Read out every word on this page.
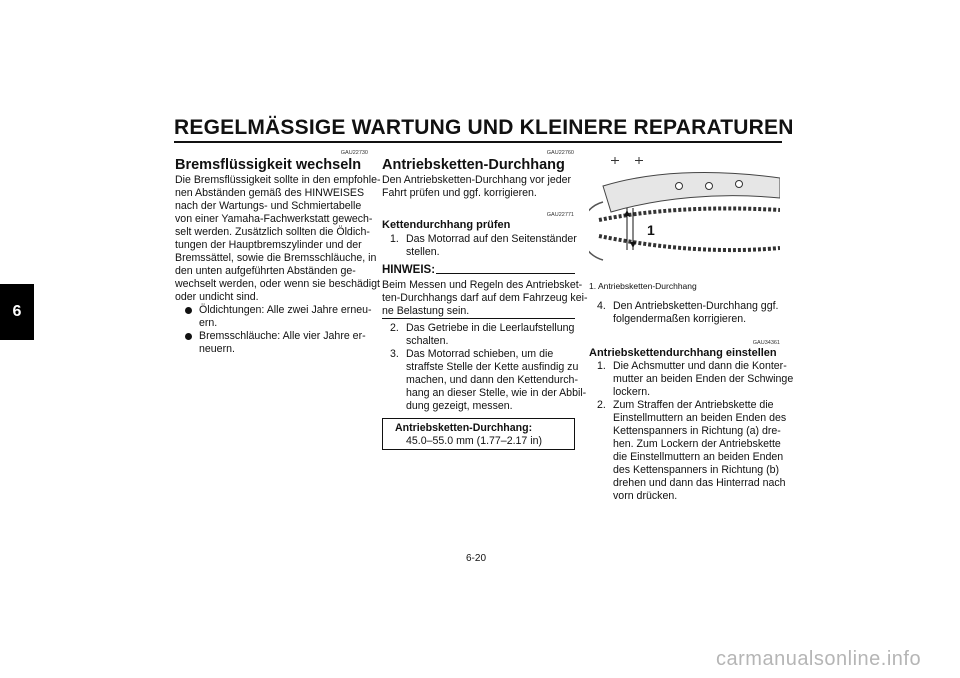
REGELMÄSSIGE WARTUNG UND KLEINERE REPARATUREN
6
GAU22730
Bremsflüssigkeit wechseln
Die Bremsflüssigkeit sollte in den empfohle-
nen Abständen gemäß des HINWEISES
nach der Wartungs- und Schmiertabelle
von einer Yamaha-Fachwerkstatt gewech-
selt werden. Zusätzlich sollten die Öldich-
tungen der Hauptbremszylinder und der
Bremssättel, sowie die Bremsschläuche, in
den unten aufgeführten Abständen ge-
wechselt werden, oder wenn sie beschädigt
oder undicht sind.
Öldichtungen: Alle zwei Jahre erneu-
ern.
Bremsschläuche: Alle vier Jahre er-
neuern.
GAU22760
Antriebsketten-Durchhang
Den Antriebsketten-Durchhang vor jeder
Fahrt prüfen und ggf. korrigieren.
GAU22771
Kettendurchhang prüfen
1. Das Motorrad auf den Seitenständer
stellen.
HINWEIS:
Beim Messen und Regeln des Antriebsket-
ten-Durchhangs darf auf dem Fahrzeug kei-
ne Belastung sein.
2. Das Getriebe in die Leerlaufstellung
schalten.
3. Das Motorrad schieben, um die
straffste Stelle der Kette ausfindig zu
machen, und dann den Kettendurch-
hang an dieser Stelle, wie in der Abbil-
dung gezeigt, messen.
Antriebsketten-Durchhang:
45.0–55.0 mm (1.77–2.17 in)
1
1. Antriebsketten-Durchhang
4. Den Antriebsketten-Durchhang ggf.
folgendermaßen korrigieren.
GAU34361
Antriebskettendurchhang einstellen
1. Die Achsmutter und dann die Konter-
mutter an beiden Enden der Schwinge
lockern.
2. Zum Straffen der Antriebskette die
Einstellmuttern an beiden Enden des
Kettenspanners in Richtung (a) dre-
hen. Zum Lockern der Antriebskette
die Einstellmuttern an beiden Enden
des Kettenspanners in Richtung (b)
drehen und dann das Hinterrad nach
vorn drücken.
6-20
carmanualsonline.info
